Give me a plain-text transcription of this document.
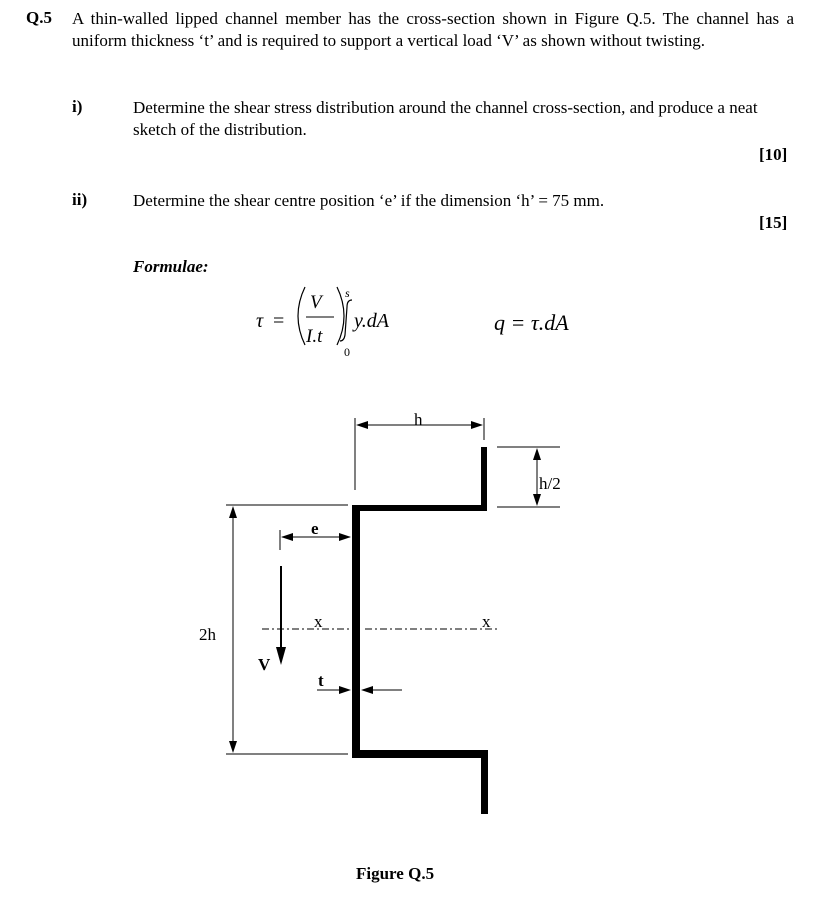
Q.5 A thin-walled lipped channel member has the cross-section shown in Figure Q.5. The channel has a uniform thickness ‘t’ and is required to support a vertical load ‘V’ as shown without twisting.
i)	Determine the shear stress distribution around the channel cross-section, and produce a neat sketch of the distribution.
[10]
ii)	Determine the shear centre position ‘e’ if the dimension ‘h’ = 75 mm.
[15]
Formulae:
τ =
V
I.t
s
0
y.dA	q = τ.dA
h
h/2
2h
e
V
x	x
t
Figure Q.5
